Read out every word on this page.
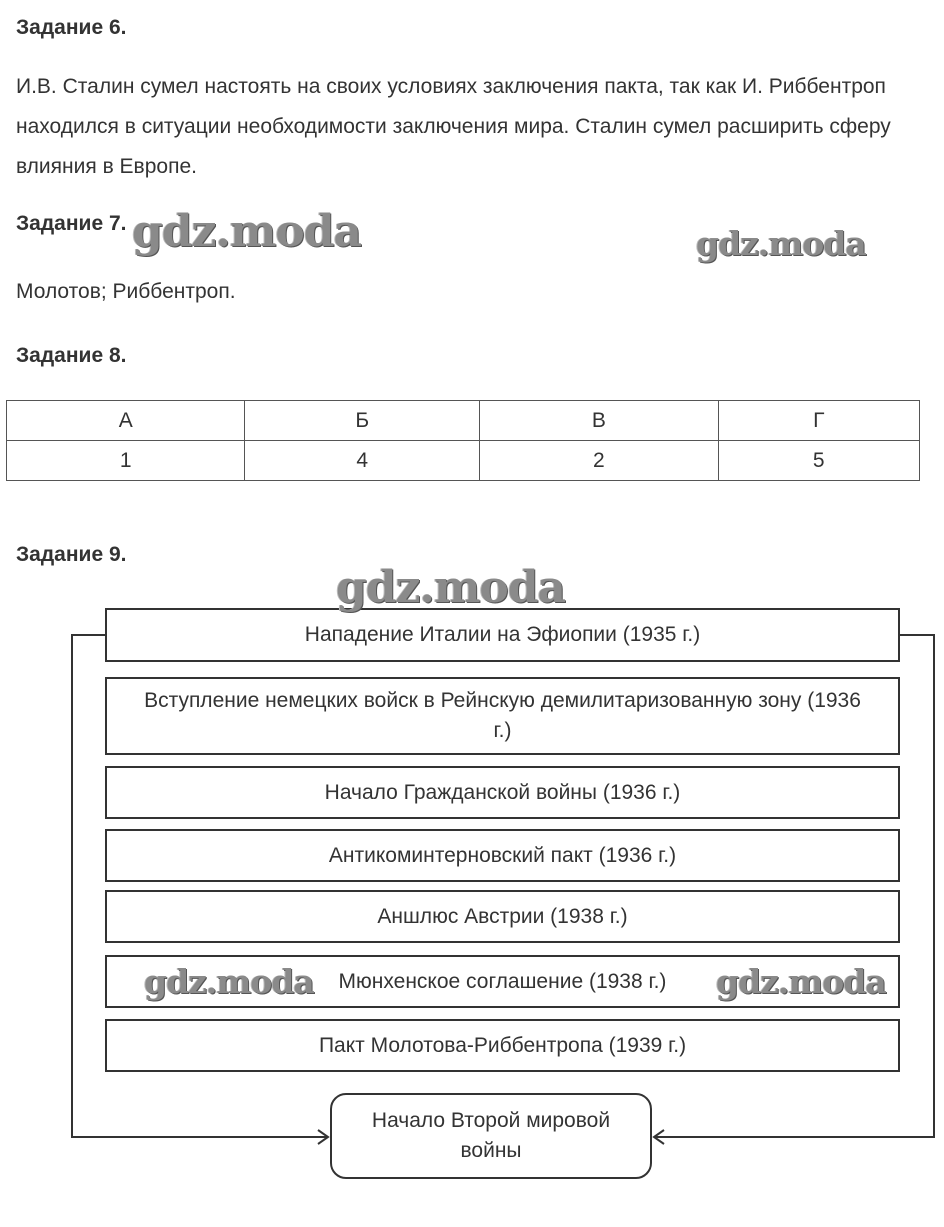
Задание 6.
И.В. Сталин сумел настоять на своих условиях заключения пакта, так как И. Риббентроп находился в ситуации необходимости заключения мира. Сталин сумел расширить сферу влияния в Европе.
Задание 7.
Молотов; Риббентроп.
Задание 8.
А	Б	В	Г
1	4	2	5
Задание 9.
Нападение Италии на Эфиопии (1935 г.)
Вступление немецких войск в Рейнскую демилитаризованную зону (1936 г.)
Начало Гражданской войны (1936 г.)
Антикоминтерновский пакт (1936 г.)
Аншлюс Австрии (1938 г.)
Мюнхенское соглашение (1938 г.)
Пакт Молотова-Риббентропа (1939 г.)
Начало Второй мировой войны
gdz.moda	gdz.moda
gdz.moda
gdz.moda	gdz.moda
